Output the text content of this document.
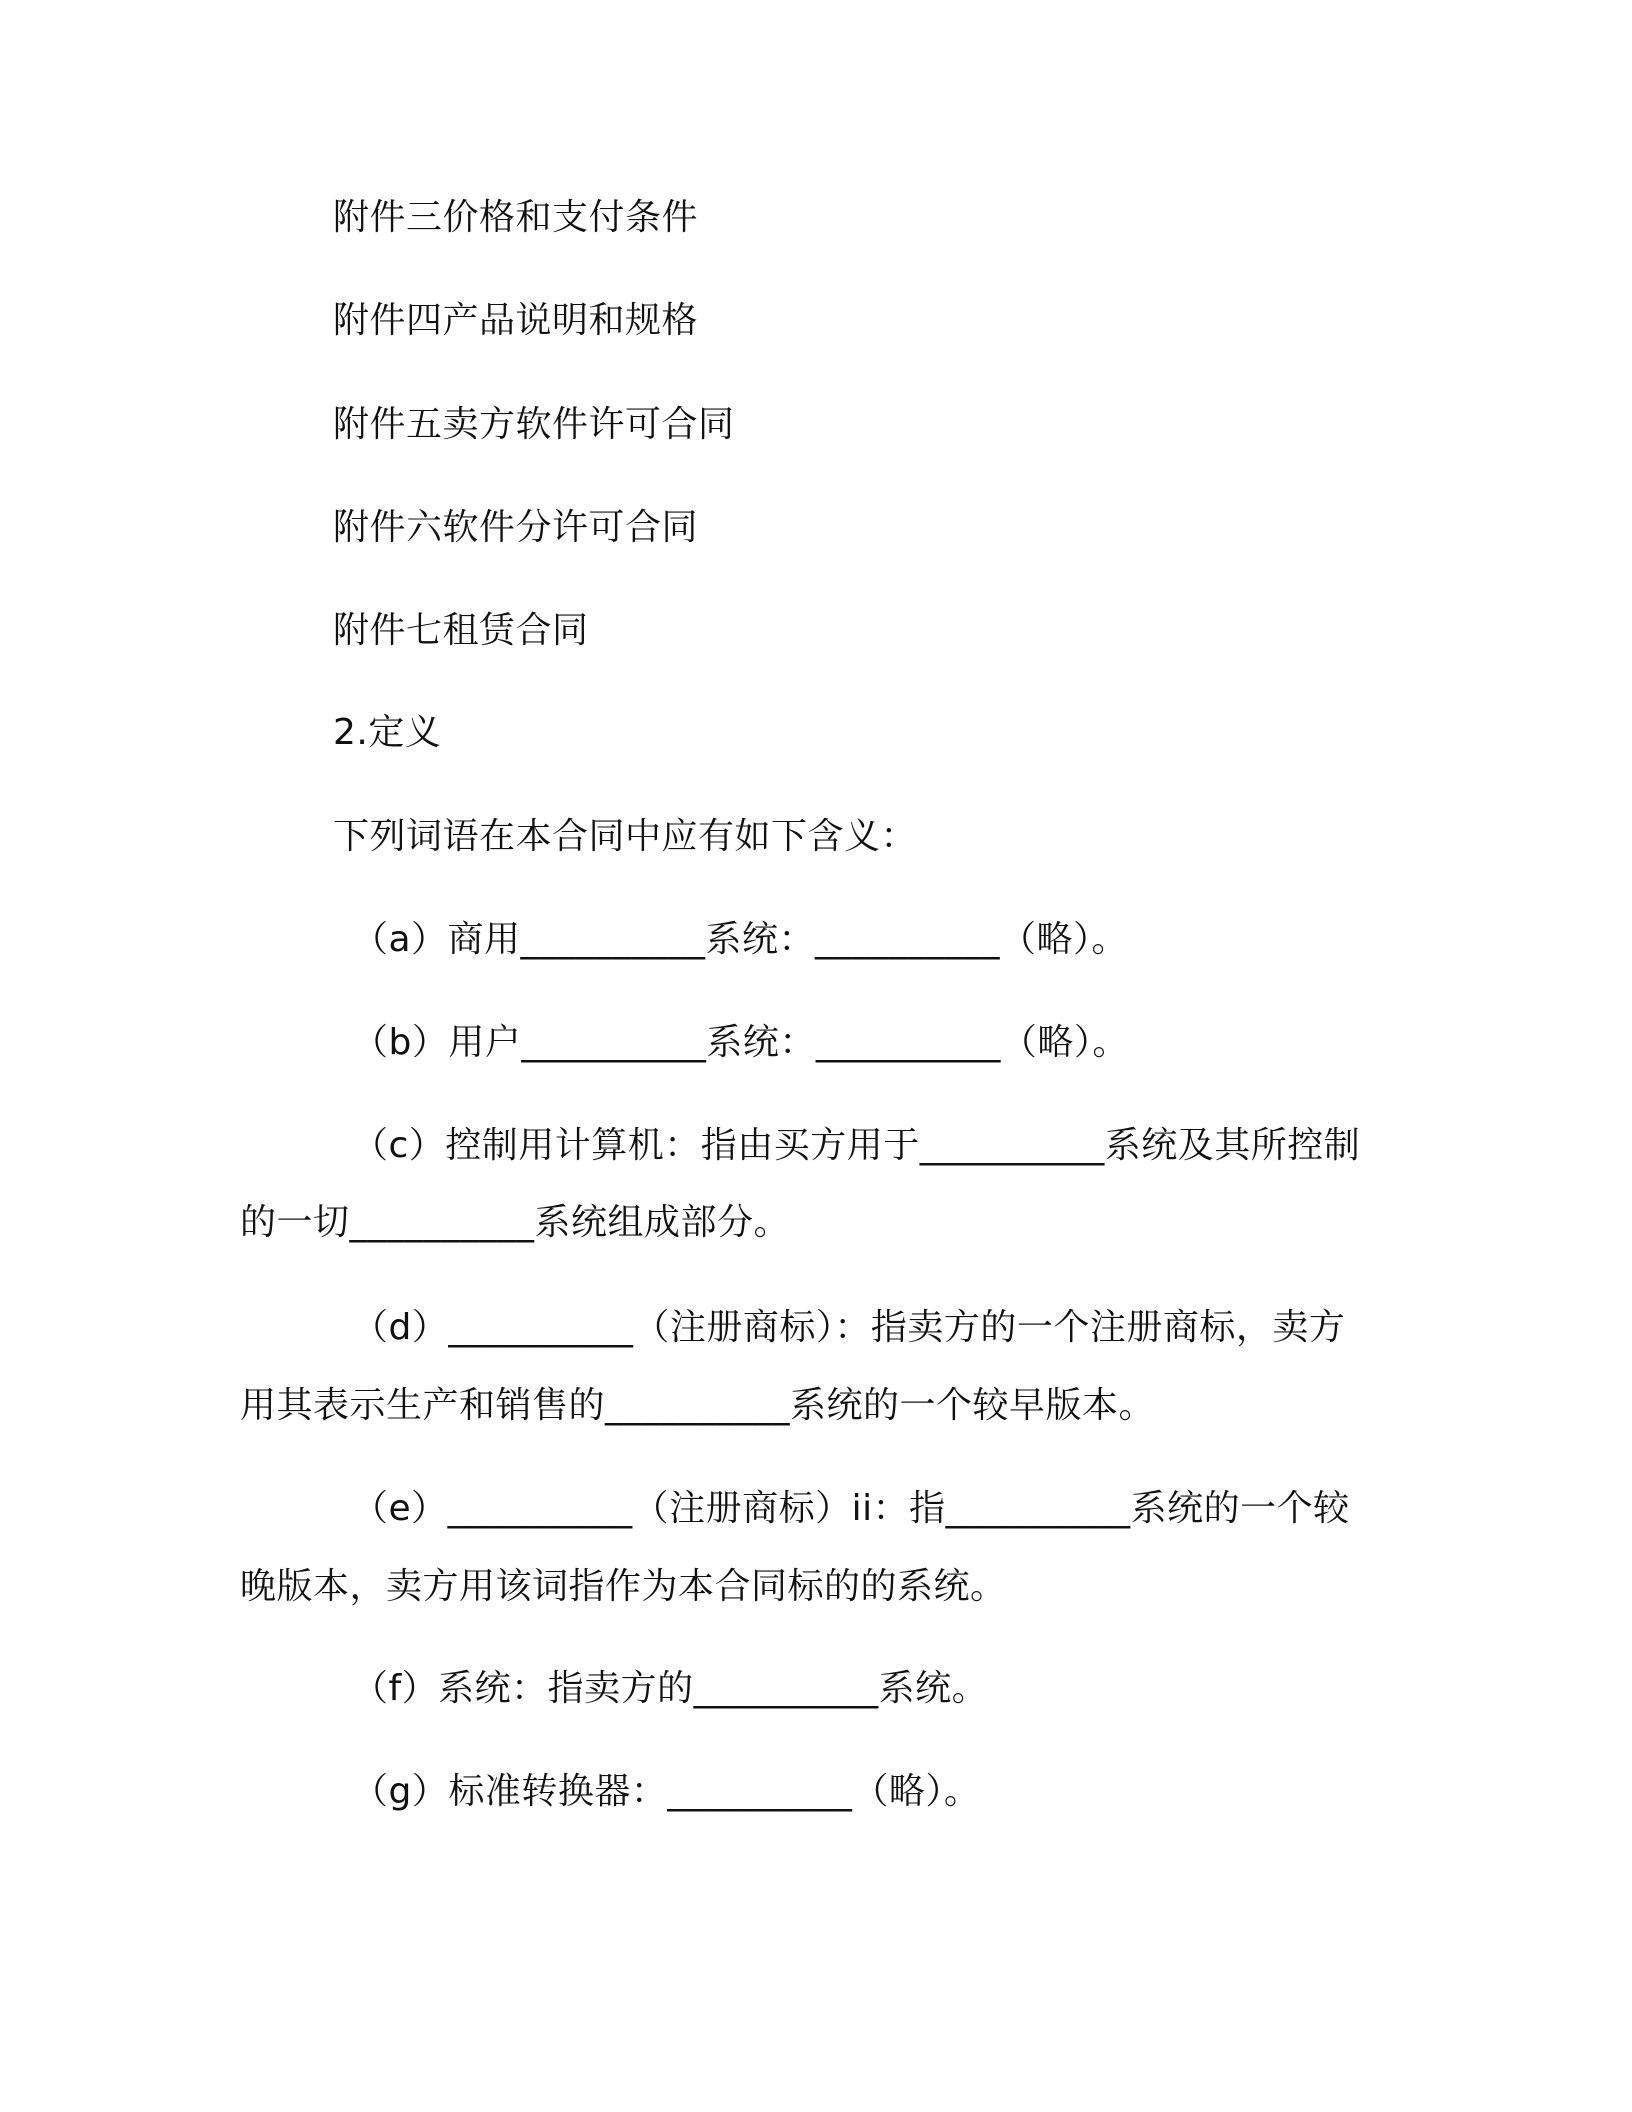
附件三价格和支付条件
附件四产品说明和规格
附件五卖方软件许可合同
附件六软件分许可合同
附件七租赁合同
2.定义
下列词语在本合同中应有如下含义：
（a）商用__________系统：__________（略）。
（b）用户__________系统：__________（略）。
（c）控制用计算机：指由买方用于__________系统及其所控制
的一切__________系统组成部分。
（d）__________（注册商标）：指卖方的一个注册商标，卖方
用其表示生产和销售的__________系统的一个较早版本。
（e）__________（注册商标）ii：指__________系统的一个较
晚版本，卖方用该词指作为本合同标的的系统。
（f）系统：指卖方的__________系统。
（g）标准转换器：__________（略）。
